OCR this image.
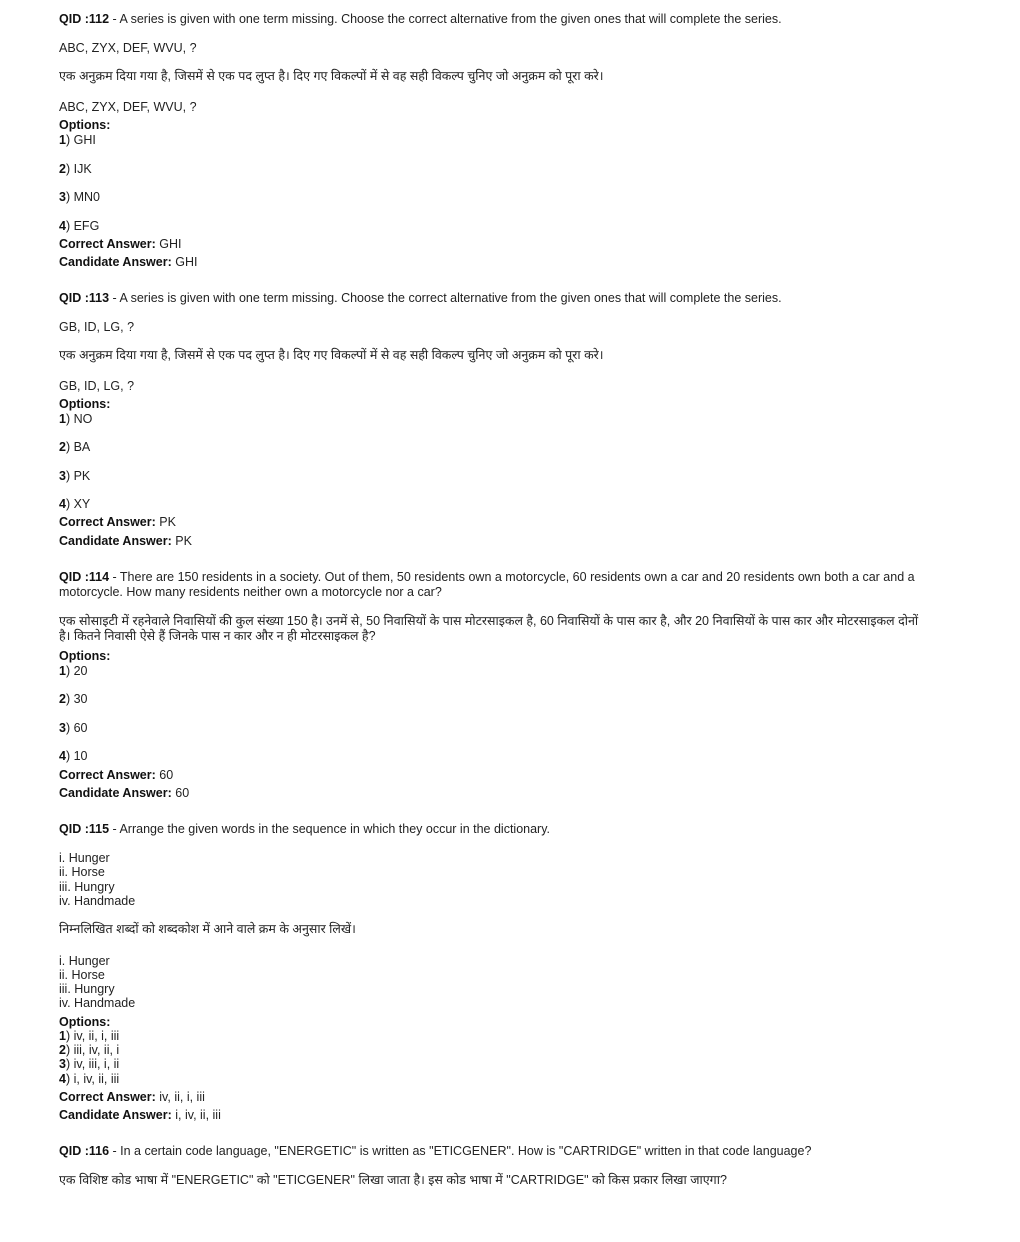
QID :112 - A series is given with one term missing. Choose the correct alternative from the given ones that will complete the series.
ABC, ZYX, DEF, WVU, ?
एक अनुक्रम दिया गया है, जिसमें से एक पद लुप्त है। दिए गए विकल्पों में से वह सही विकल्प चुनिए जो अनुक्रम को पूरा करे।
ABC, ZYX, DEF, WVU, ?
Options:
1) GHI
2) IJK
3) MN0
4) EFG
Correct Answer: GHI
Candidate Answer: GHI
QID :113 - A series is given with one term missing. Choose the correct alternative from the given ones that will complete the series.
GB, ID, LG, ?
एक अनुक्रम दिया गया है, जिसमें से एक पद लुप्त है। दिए गए विकल्पों में से वह सही विकल्प चुनिए जो अनुक्रम को पूरा करे।
GB, ID, LG, ?
Options:
1) NO
2) BA
3) PK
4) XY
Correct Answer: PK
Candidate Answer: PK
QID :114 - There are 150 residents in a society. Out of them, 50 residents own a motorcycle, 60 residents own a car and 20 residents own both a car and a motorcycle. How many residents neither own a motorcycle nor a car?
एक सोसाइटी में रहनेवाले निवासियों की कुल संख्या 150 है। उनमें से, 50 निवासियों के पास मोटरसाइकल है, 60 निवासियों के पास कार है, और 20 निवासियों के पास कार और मोटरसाइकल दोनों है। कितने निवासी ऐसे हैं जिनके पास न कार और न ही मोटरसाइकल है?
Options:
1) 20
2) 30
3) 60
4) 10
Correct Answer: 60
Candidate Answer: 60
QID :115 - Arrange the given words in the sequence in which they occur in the dictionary.
i. Hunger
ii. Horse
iii. Hungry
iv. Handmade
निम्नलिखित शब्दों को शब्दकोश में आने वाले क्रम के अनुसार लिखें।
i. Hunger
ii. Horse
iii. Hungry
iv. Handmade
Options:
1) iv, ii, i, iii
2) iii, iv, ii, i
3) iv, iii, i, ii
4) i, iv, ii, iii
Correct Answer: iv, ii, i, iii
Candidate Answer: i, iv, ii, iii
QID :116 - In a certain code language, "ENERGETIC" is written as "ETICGENER". How is "CARTRIDGE" written in that code language?
एक विशिष्ट कोड भाषा में "ENERGETIC" को "ETICGENER" लिखा जाता है। इस कोड भाषा में "CARTRIDGE" को किस प्रकार लिखा जाएगा?
